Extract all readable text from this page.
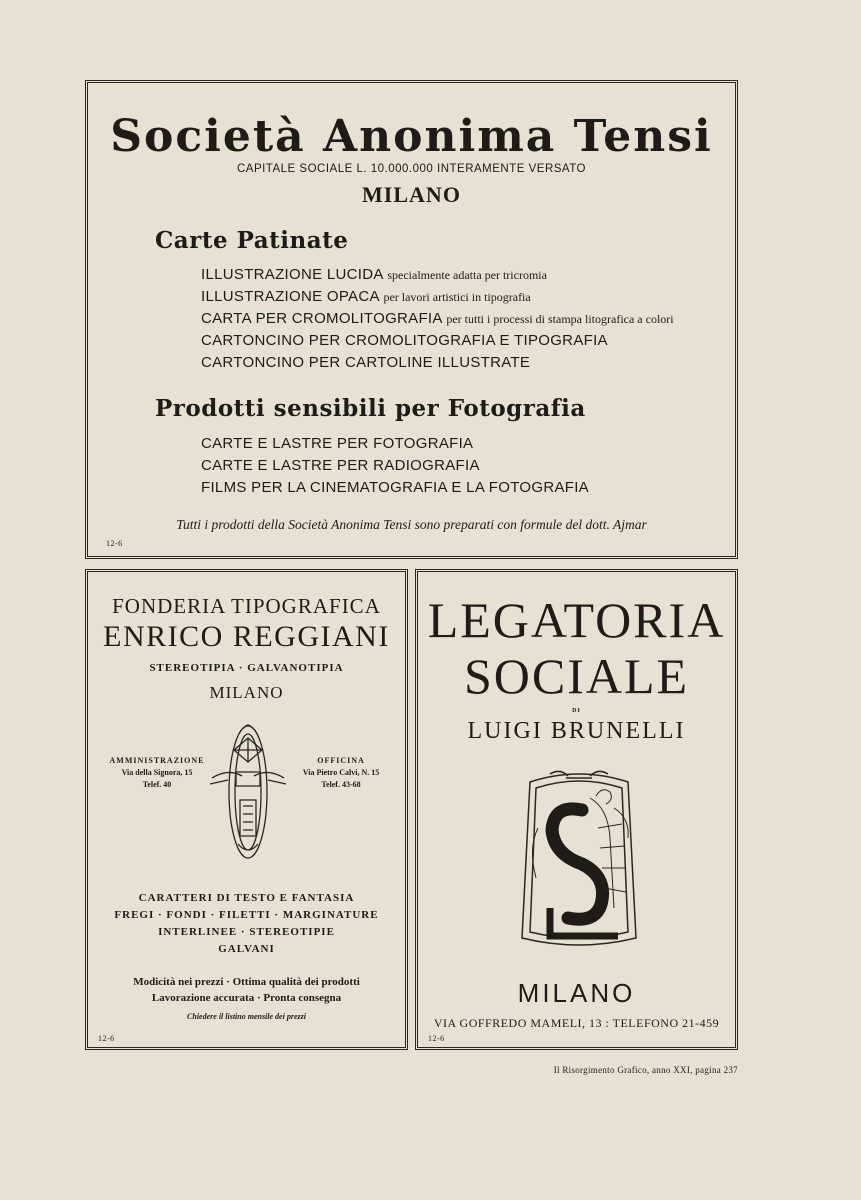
Società Anonima Tensi
CAPITALE SOCIALE L. 10.000.000 INTERAMENTE VERSATO
MILANO
Carte Patinate
ILLUSTRAZIONE LUCIDA specialmente adatta per tricromia
ILLUSTRAZIONE OPACA per lavori artistici in tipografia
CARTA PER CROMOLITOGRAFIA per tutti i processi di stampa litografica a colori
CARTONCINO PER CROMOLITOGRAFIA E TIPOGRAFIA
CARTONCINO PER CARTOLINE ILLUSTRATE
Prodotti sensibili per Fotografia
CARTE E LASTRE PER FOTOGRAFIA
CARTE E LASTRE PER RADIOGRAFIA
FILMS PER LA CINEMATOGRAFIA E LA FOTOGRAFIA
Tutti i prodotti della Società Anonima Tensi sono preparati con formule del dott. Ajmar
12-6
FONDERIA TIPOGRAFICA
ENRICO REGGIANI
STEREOTIPIA · GALVANOTIPIA
MILANO
AMMINISTRAZIONE
Via della Signora, 15
Telef. 40
OFFICINA
Via Pietro Calvi, N. 15
Telef. 43-68
CARATTERI DI TESTO E FANTASIA
FREGI · FONDI · FILETTI · MARGINATURE
INTERLINEE · STEREOTIPIE
GALVANI
Modicità nei prezzi · Ottima qualità dei prodotti
Lavorazione accurata · Pronta consegna
Chiedere il listino mensile dei prezzi
12-6
LEGATORIA
SOCIALE
DI
LUIGI BRUNELLI
MILANO
VIA GOFFREDO MAMELI, 13 : TELEFONO 21-459
12-6
Il Risorgimento Grafico, anno XXI, pagina 237
